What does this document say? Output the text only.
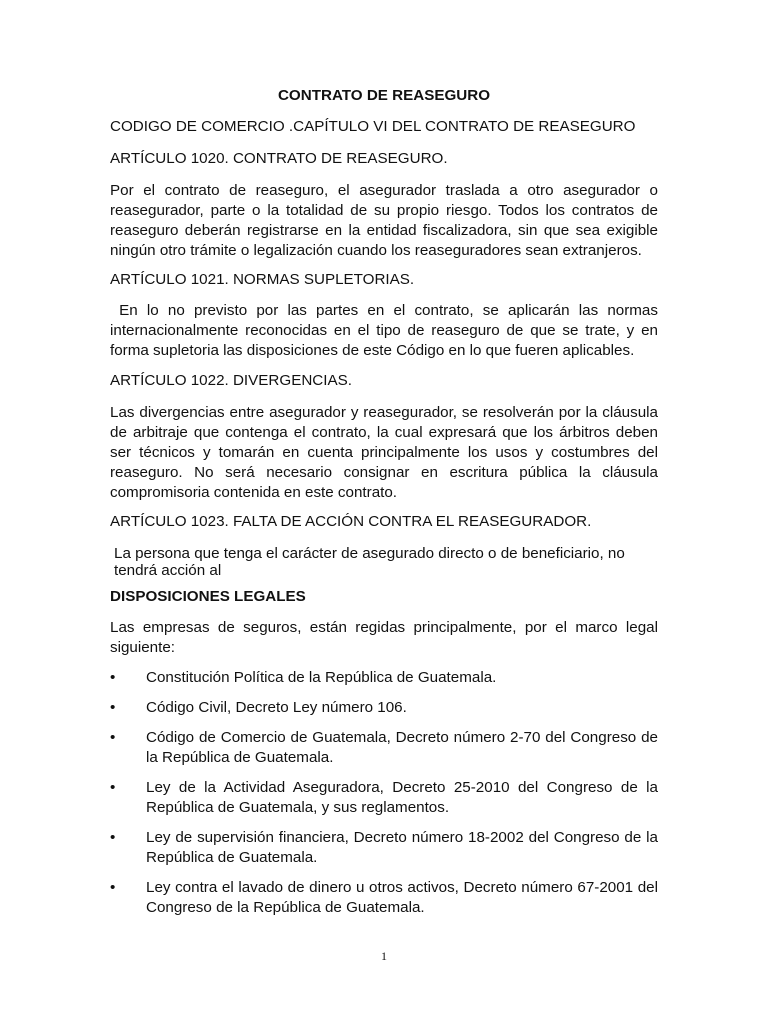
CONTRATO DE REASEGURO

CODIGO DE COMERCIO .CAPÍTULO VI DEL CONTRATO DE REASEGURO

ARTÍCULO 1020. CONTRATO DE REASEGURO.

Por el contrato de reaseguro, el asegurador traslada a otro asegurador o reasegurador, parte o la totalidad de su propio riesgo. Todos los contratos de reaseguro deberán registrarse en la entidad fiscalizadora, sin que sea exigible ningún otro trámite o legalización cuando los reaseguradores sean extranjeros.

ARTÍCULO 1021. NORMAS SUPLETORIAS.

En lo no previsto por las partes en el contrato, se aplicarán las normas internacionalmente reconocidas en el tipo de reaseguro de que se trate, y en forma supletoria las disposiciones de este Código en lo que fueren aplicables.

ARTÍCULO 1022. DIVERGENCIAS.

Las divergencias entre asegurador y reasegurador, se resolverán por la cláusula de arbitraje que contenga el contrato, la cual expresará que los árbitros deben ser técnicos y tomarán en cuenta principalmente los usos y costumbres del reaseguro. No será necesario consignar en escritura pública la cláusula compromisoria contenida en este contrato.

ARTÍCULO 1023. FALTA DE ACCIÓN CONTRA EL REASEGURADOR.

La persona que tenga el carácter de asegurado directo o de beneficiario, no

tendrá acción al

DISPOSICIONES LEGALES

Las empresas de seguros, están regidas principalmente, por el marco legal siguiente:

•	Constitución Política de la República de Guatemala.
•	Código Civil, Decreto Ley número 106.
•	Código de Comercio de Guatemala, Decreto número 2-70 del Congreso de la República de Guatemala.
•	Ley de la Actividad Aseguradora, Decreto 25-2010 del Congreso de la República de Guatemala, y sus reglamentos.
•	Ley de supervisión financiera, Decreto número 18-2002 del Congreso de la República de Guatemala.
•	Ley contra el lavado de dinero u otros activos, Decreto número 67-2001 del Congreso de la República de Guatemala.
1
